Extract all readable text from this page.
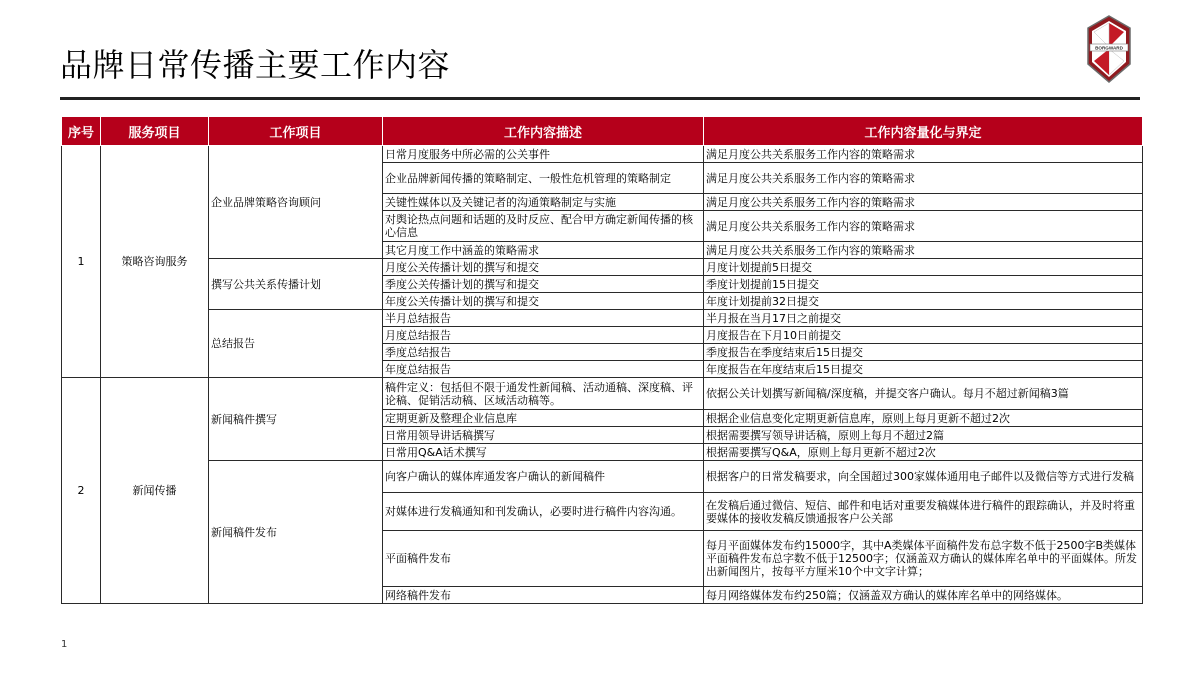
品牌日常传播主要工作内容	BORGWARD
序号	服务项目	工作项目	工作内容描述	工作内容量化与界定
1	策略咨询服务	企业品牌策略咨询顾问	日常月度服务中所必需的公关事件	满足月度公共关系服务工作内容的策略需求
			企业品牌新闻传播的策略制定、一般性危机管理的策略制定	满足月度公共关系服务工作内容的策略需求
			关键性媒体以及关键记者的沟通策略制定与实施	满足月度公共关系服务工作内容的策略需求
			对舆论热点问题和话题的及时反应、配合甲方确定新闻传播的核心信息	满足月度公共关系服务工作内容的策略需求
			其它月度工作中涵盖的策略需求	满足月度公共关系服务工作内容的策略需求
		撰写公共关系传播计划	月度公关传播计划的撰写和提交	月度计划提前5日提交
			季度公关传播计划的撰写和提交	季度计划提前15日提交
			年度公关传播计划的撰写和提交	年度计划提前32日提交
		总结报告	半月总结报告	半月报在当月17日之前提交
			月度总结报告	月度报告在下月10日前提交
			季度总结报告	季度报告在季度结束后15日提交
			年度总结报告	年度报告在年度结束后15日提交
2	新闻传播	新闻稿件撰写	稿件定义：包括但不限于通发性新闻稿、活动通稿、深度稿、评论稿、促销活动稿、区域活动稿等。	依据公关计划撰写新闻稿/深度稿，并提交客户确认。每月不超过新闻稿3篇
			定期更新及整理企业信息库	根据企业信息变化定期更新信息库，原则上每月更新不超过2次
			日常用领导讲话稿撰写	根据需要撰写领导讲话稿，原则上每月不超过2篇
			日常用Q&A话术撰写	根据需要撰写Q&A，原则上每月更新不超过2次
		新闻稿件发布	向客户确认的媒体库通发客户确认的新闻稿件	根据客户的日常发稿要求，向全国超过300家媒体通用电子邮件以及微信等方式进行发稿
			对媒体进行发稿通知和刊发确认，必要时进行稿件内容沟通。	在发稿后通过微信、短信、邮件和电话对重要发稿媒体进行稿件的跟踪确认，并及时将重要媒体的接收发稿反馈通报客户公关部
			平面稿件发布	每月平面媒体发布约15000字，其中A类媒体平面稿件发布总字数不低于2500字B类媒体平面稿件发布总字数不低于12500字；仅涵盖双方确认的媒体库名单中的平面媒体。所发出新闻图片，按每平方厘米10个中文字计算；
			网络稿件发布	每月网络媒体发布约250篇；仅涵盖双方确认的媒体库名单中的网络媒体。
1
